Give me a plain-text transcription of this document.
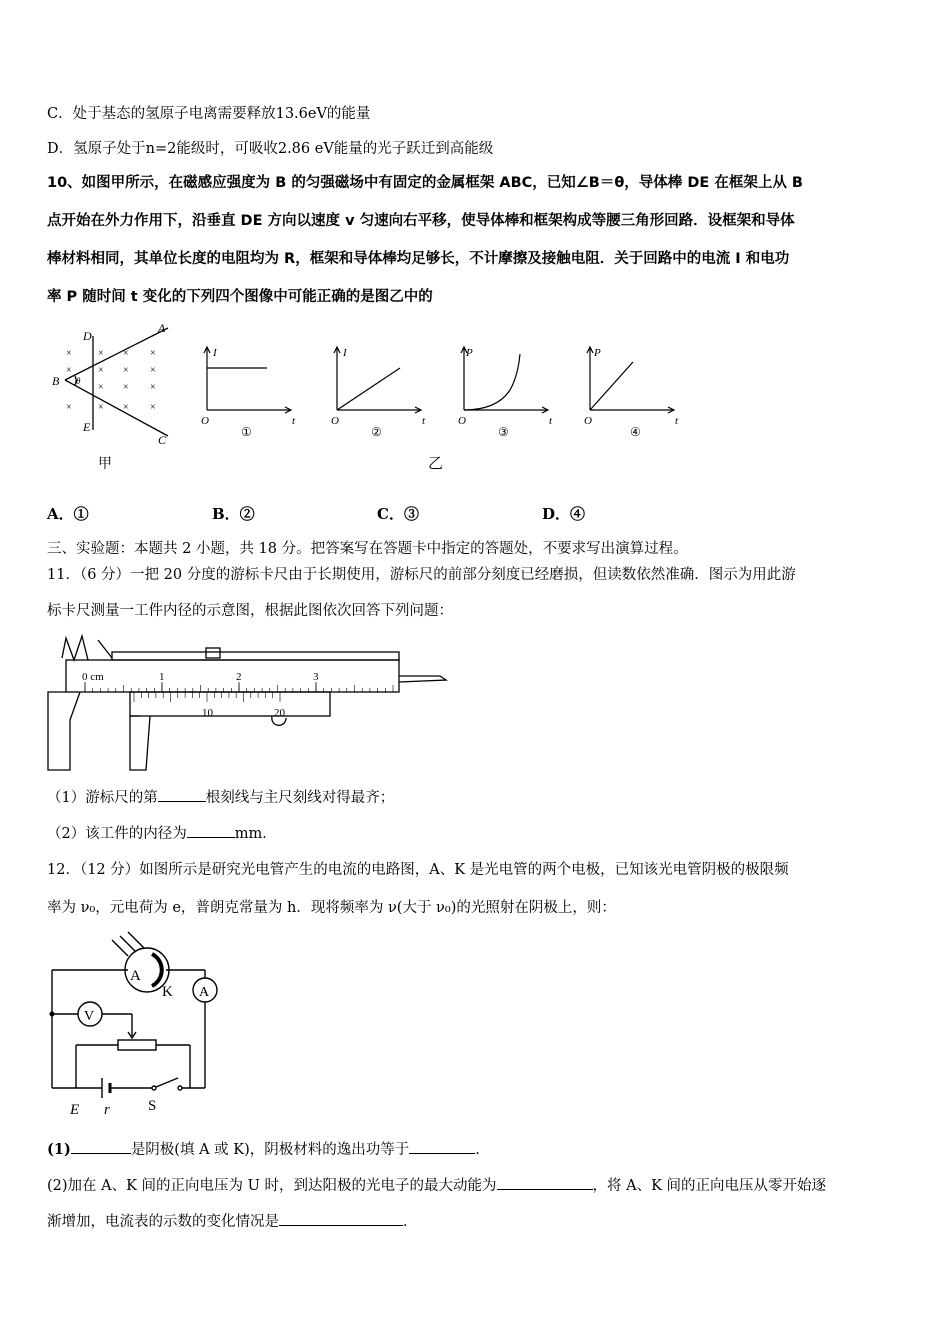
C．处于基态的氢原子电离需要释放13.6eV的能量
D．氢原子处于n=2能级时，可吸收2.86 eV能量的光子跃迁到高能级
10、如图甲所示，在磁感应强度为 B 的匀强磁场中有固定的金属框架 ABC，已知∠B＝θ，导体棒 DE 在框架上从 B
点开始在外力作用下，沿垂直 DE 方向以速度 v 匀速向右平移，使导体棒和框架构成等腰三角形回路．设框架和导体
棒材料相同，其单位长度的电阻均为 R，框架和导体棒均足够长，不计摩擦及接触电阻．关于回路中的电流 I 和电功
率 P 随时间 t 变化的下列四个图像中可能正确的是图乙中的
×	× × ×
×	× × ×
× × ×
×	× × ×
A
B
C
D
E
θ
甲
I
t
O
①
I
t
O
②
P
t
O
③
P
t
O
④
乙
A．①	B．②	C．③	D．④
三、实验题：本题共 2 小题，共 18 分。把答案写在答题卡中指定的答题处，不要求写出演算过程。
11．（6 分）一把 20 分度的游标卡尺由于长期使用，游标尺的前部分刻度已经磨损，但读数依然准确．图示为用此游
标卡尺测量一工件内径的示意图，根据此图依次回答下列问题：
0 cm	1	2	3
10	20
（1）游标尺的第	根刻线与主尺刻线对得最齐；
（2）该工件的内径为	mm．
12．（12 分）如图所示是研究光电管产生的电流的电路图，A、K 是光电管的两个电极，已知该光电管阴极的极限频
率为 ν₀，元电荷为 e，普朗克常量为 h．现将频率为 ν(大于 ν₀)的光照射在阴极上，则：
A
K A
V
E r	S
(1)	是阴极(填 A 或 K)，阴极材料的逸出功等于	．
(2)加在 A、K 间的正向电压为 U 时，到达阳极的光电子的最大动能为	，将 A、K 间的正向电压从零开始逐
渐增加，电流表的示数的变化情况是	．
